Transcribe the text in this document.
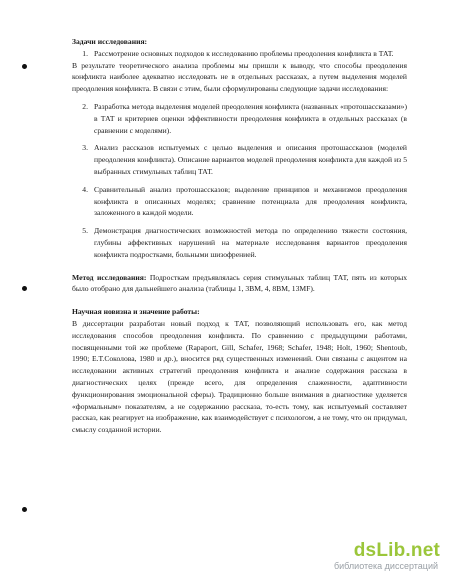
Задачи исследования:

1. Рассмотрение основных подходов к исследованию проблемы преодоления конфликта в ТАТ.

В результате теоретического анализа проблемы мы пришли к выводу, что способы преодоления конфликта наиболее адекватно исследовать не в отдельных рассказах, а путем выделения моделей преодоления конфликта. В связи с этим, были сформулированы следующие задачи исследования:

2. Разработка метода выделения моделей преодоления конфликта (названных «протошассказами») в ТАТ и критериев оценки эффективности преодоления конфликта в отдельных рассказах (в сравнении с моделями).
3. Анализ рассказов испытуемых с целью выделения и описания протошассказов (моделей преодоления конфликта). Описание вариантов моделей преодоления конфликта для каждой из 5 выбранных стимульных таблиц ТАТ.
4. Сравнительный анализ протошассказов; выделение принципов и механизмов преодоления конфликта в описанных моделях; сравнение потенциала для преодоления конфликта, заложенного в каждой модели.
5. Демонстрация диагностических возможностей метода по определению тяжести состояния, глубины аффективных нарушений на материале исследования вариантов преодоления конфликта подростками, больными шизофренией.

Метод исследования: Подросткам предъявлялась серия стимульных таблиц ТАТ, пять из которых было отобрано для дальнейшего анализа (таблицы 1, 3ВМ, 4, 8ВМ, 13МF).

Научная новизна и значение работы:

В диссертации разработан новый подход к ТАТ, позволяющий использовать его, как метод исследования способов преодоления конфликта. По сравнению с предыдущими работами, посвященными той же проблеме (Rapaport, Gill, Schafer, 1968; Schafer, 1948; Holt, 1960; Shentoub, 1990; Е.Т.Соколова, 1980 и др.), вносится ряд существенных изменений. Они связаны с акцентом на исследовании активных стратегий преодоления конфликта и анализе содержания рассказа в диагностических целях (прежде всего, для определения слаженности, адаптивности функционирования эмоциональной сферы). Традиционно больше внимания в диагностике уделяется «формальным» показателям, а не содержанию рассказа, то-есть тому, как испытуемый составляет рассказ, как реагирует на изображение, как взаимодействует с психологом, а не тому, что он придумал, смыслу созданной истории.

dsLib.net
библиотека диссертаций
